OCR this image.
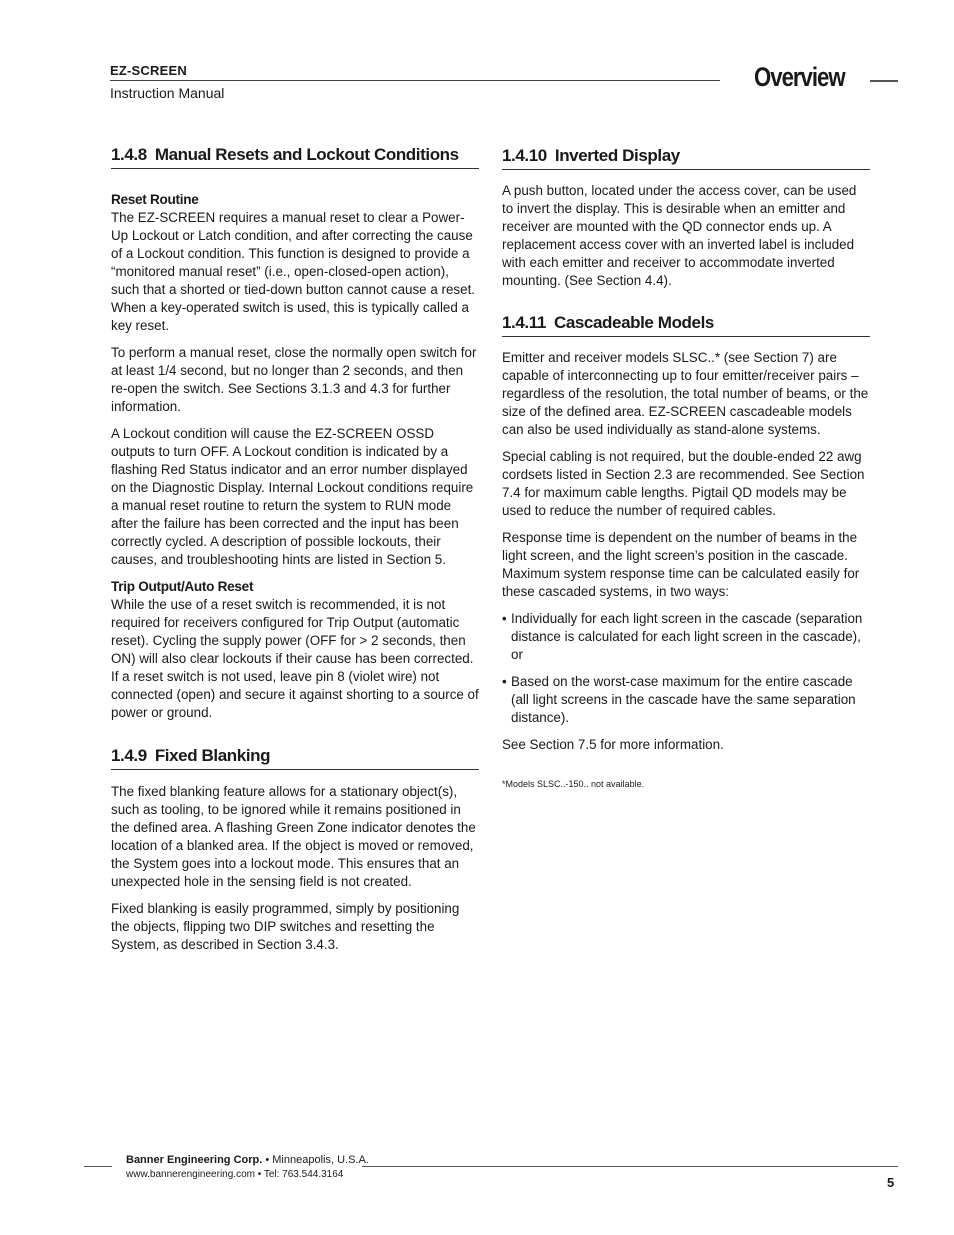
EZ-SCREEN
Instruction Manual
Overview
1.4.8 Manual Resets and Lockout Conditions
Reset Routine

The EZ-SCREEN requires a manual reset to clear a Power-Up Lockout or Latch condition, and after correcting the cause of a Lockout condition. This function is designed to provide a “monitored manual reset” (i.e., open-closed-open action), such that a shorted or tied-down button cannot cause a reset. When a key-operated switch is used, this is typically called a key reset.

To perform a manual reset, close the normally open switch for at least 1/4 second, but no longer than 2 seconds, and then re-open the switch. See Sections 3.1.3 and 4.3 for further information.

A Lockout condition will cause the EZ-SCREEN OSSD outputs to turn OFF. A Lockout condition is indicated by a flashing Red Status indicator and an error number displayed on the Diagnostic Display. Internal Lockout conditions require a manual reset routine to return the system to RUN mode after the failure has been corrected and the input has been correctly cycled. A description of possible lockouts, their causes, and troubleshooting hints are listed in Section 5.

Trip Output/Auto Reset

While the use of a reset switch is recommended, it is not required for receivers configured for Trip Output (automatic reset). Cycling the supply power (OFF for > 2 seconds, then ON) will also clear lockouts if their cause has been corrected. If a reset switch is not used, leave pin 8 (violet wire) not connected (open) and secure it against shorting to a source of power or ground.

1.4.9 Fixed Blanking

The fixed blanking feature allows for a stationary object(s), such as tooling, to be ignored while it remains positioned in the defined area. A flashing Green Zone indicator denotes the location of a blanked area. If the object is moved or removed, the System goes into a lockout mode. This ensures that an unexpected hole in the sensing field is not created.

Fixed blanking is easily programmed, simply by positioning the objects, flipping two DIP switches and resetting the System, as described in Section 3.4.3.

1.4.10 Inverted Display

A push button, located under the access cover, can be used to invert the display. This is desirable when an emitter and receiver are mounted with the QD connector ends up. A replacement access cover with an inverted label is included with each emitter and receiver to accommodate inverted mounting. (See Section 4.4).

1.4.11 Cascadeable Models

Emitter and receiver models SLSC..* (see Section 7) are capable of interconnecting up to four emitter/receiver pairs – regardless of the resolution, the total number of beams, or the size of the defined area. EZ-SCREEN cascadeable models can also be used individually as stand-alone systems.

Special cabling is not required, but the double-ended 22 awg cordsets listed in Section 2.3 are recommended. See Section 7.4 for maximum cable lengths. Pigtail QD models may be used to reduce the number of required cables.

Response time is dependent on the number of beams in the light screen, and the light screen’s position in the cascade. Maximum system response time can be calculated easily for these cascaded systems, in two ways:

• Individually for each light screen in the cascade (separation distance is calculated for each light screen in the cascade), or
• Based on the worst-case maximum for the entire cascade (all light screens in the cascade have the same separation distance).

See Section 7.5 for more information.

*Models SLSC..-150.. not available.
Banner Engineering Corp. • Minneapolis, U.S.A.
www.bannerengineering.com • Tel: 763.544.3164
5
